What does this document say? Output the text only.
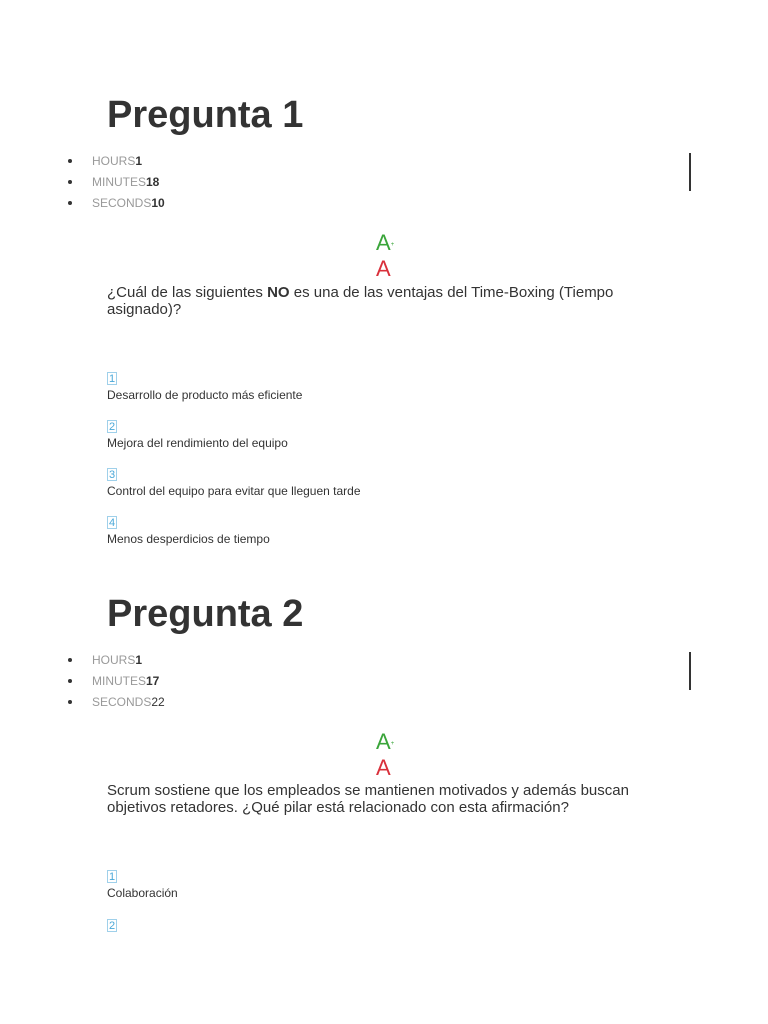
Pregunta 1
HOURS1
MINUTES18
SECONDS10
A+
A

¿Cuál de las siguientes NO es una de las ventajas del Time-Boxing (Tiempo asignado)?

1
Desarrollo de producto más eficiente
2
Mejora del rendimiento del equipo
3
Control del equipo para evitar que lleguen tarde
4
Menos desperdicios de tiempo
Pregunta 2
HOURS1
MINUTES17
SECONDS22
A+
A

Scrum sostiene que los empleados se mantienen motivados y además buscan objetivos retadores. ¿Qué pilar está relacionado con esta afirmación?

1
Colaboración
2
